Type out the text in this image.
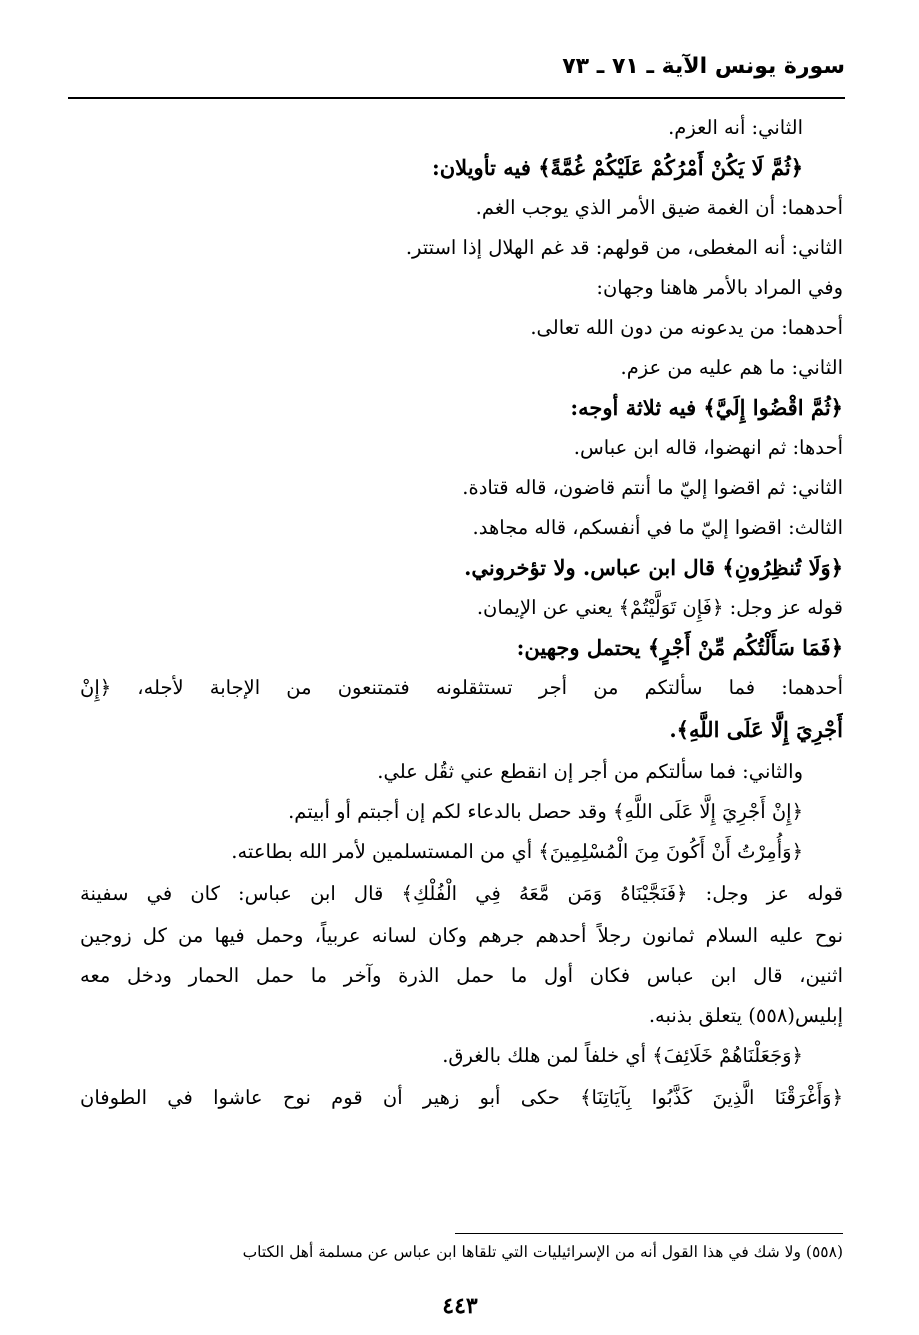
سورة يونس الآية ـ ٧١ ـ ٧٣
الثاني: أنه العزم.
﴿ثُمَّ لَا يَكُنْ أَمْرُكُمْ عَلَيْكُمْ غُمَّةً﴾ فيه تأويلان:
أحدهما: أن الغمة ضيق الأمر الذي يوجب الغم.
الثاني: أنه المغطى، من قولهم: قد غم الهلال إذا استتر.
وفي المراد بالأمر هاهنا وجهان:
أحدهما: من يدعونه من دون الله تعالى.
الثاني: ما هم عليه من عزم.
﴿ثُمَّ اقْضُوا إِلَيَّ﴾ فيه ثلاثة أوجه:
أحدها: ثم انهضوا، قاله ابن عباس.
الثاني: ثم اقضوا إليّ ما أنتم قاضون، قاله قتادة.
الثالث: اقضوا إليّ ما في أنفسكم، قاله مجاهد.
﴿وَلَا تُنظِرُونِ﴾ قال ابن عباس. ولا تؤخروني.
قوله عز وجل: ﴿فَإِن تَوَلَّيْتُمْ﴾ يعني عن الإيمان.
﴿فَمَا سَأَلْتُكُم مِّنْ أَجْرٍ﴾ يحتمل وجهين:
أحدهما: فما سألتكم من أجر تستثقلونه فتمتنعون من الإجابة لأجله، ﴿إِنْ
أَجْرِيَ إِلَّا عَلَى اللَّهِ﴾.
والثاني: فما سألتكم من أجر إن انقطع عني ثقُل علي.
﴿إِنْ أَجْرِيَ إِلَّا عَلَى اللَّهِ﴾ وقد حصل بالدعاء لكم إن أجبتم أو أبيتم.
﴿وَأُمِرْتُ أَنْ أَكُونَ مِنَ الْمُسْلِمِينَ﴾ أي من المستسلمين لأمر الله بطاعته.
قوله عز وجل: ﴿فَنَجَّيْنَاهُ وَمَن مَّعَهُ فِي الْفُلْكِ﴾ قال ابن عباس: كان في سفينة
نوح عليه السلام ثمانون رجلاً أحدهم جرهم وكان لسانه عربياً، وحمل فيها من كل زوجين
اثنين، قال ابن عباس فكان أول ما حمل الذرة وآخر ما حمل الحمار ودخل معه
إبليس(٥٥٨) يتعلق بذنبه.
﴿وَجَعَلْنَاهُمْ خَلَائِفَ﴾ أي خلفاً لمن هلك بالغرق.
﴿وَأَغْرَقْنَا الَّذِينَ كَذَّبُوا بِآيَاتِنَا﴾ حكى أبو زهير أن قوم نوح عاشوا في الطوفان
(٥٥٨) ولا شك في هذا القول أنه من الإسرائيليات التي تلقاها ابن عباس عن مسلمة أهل الكتاب
٤٤٣
